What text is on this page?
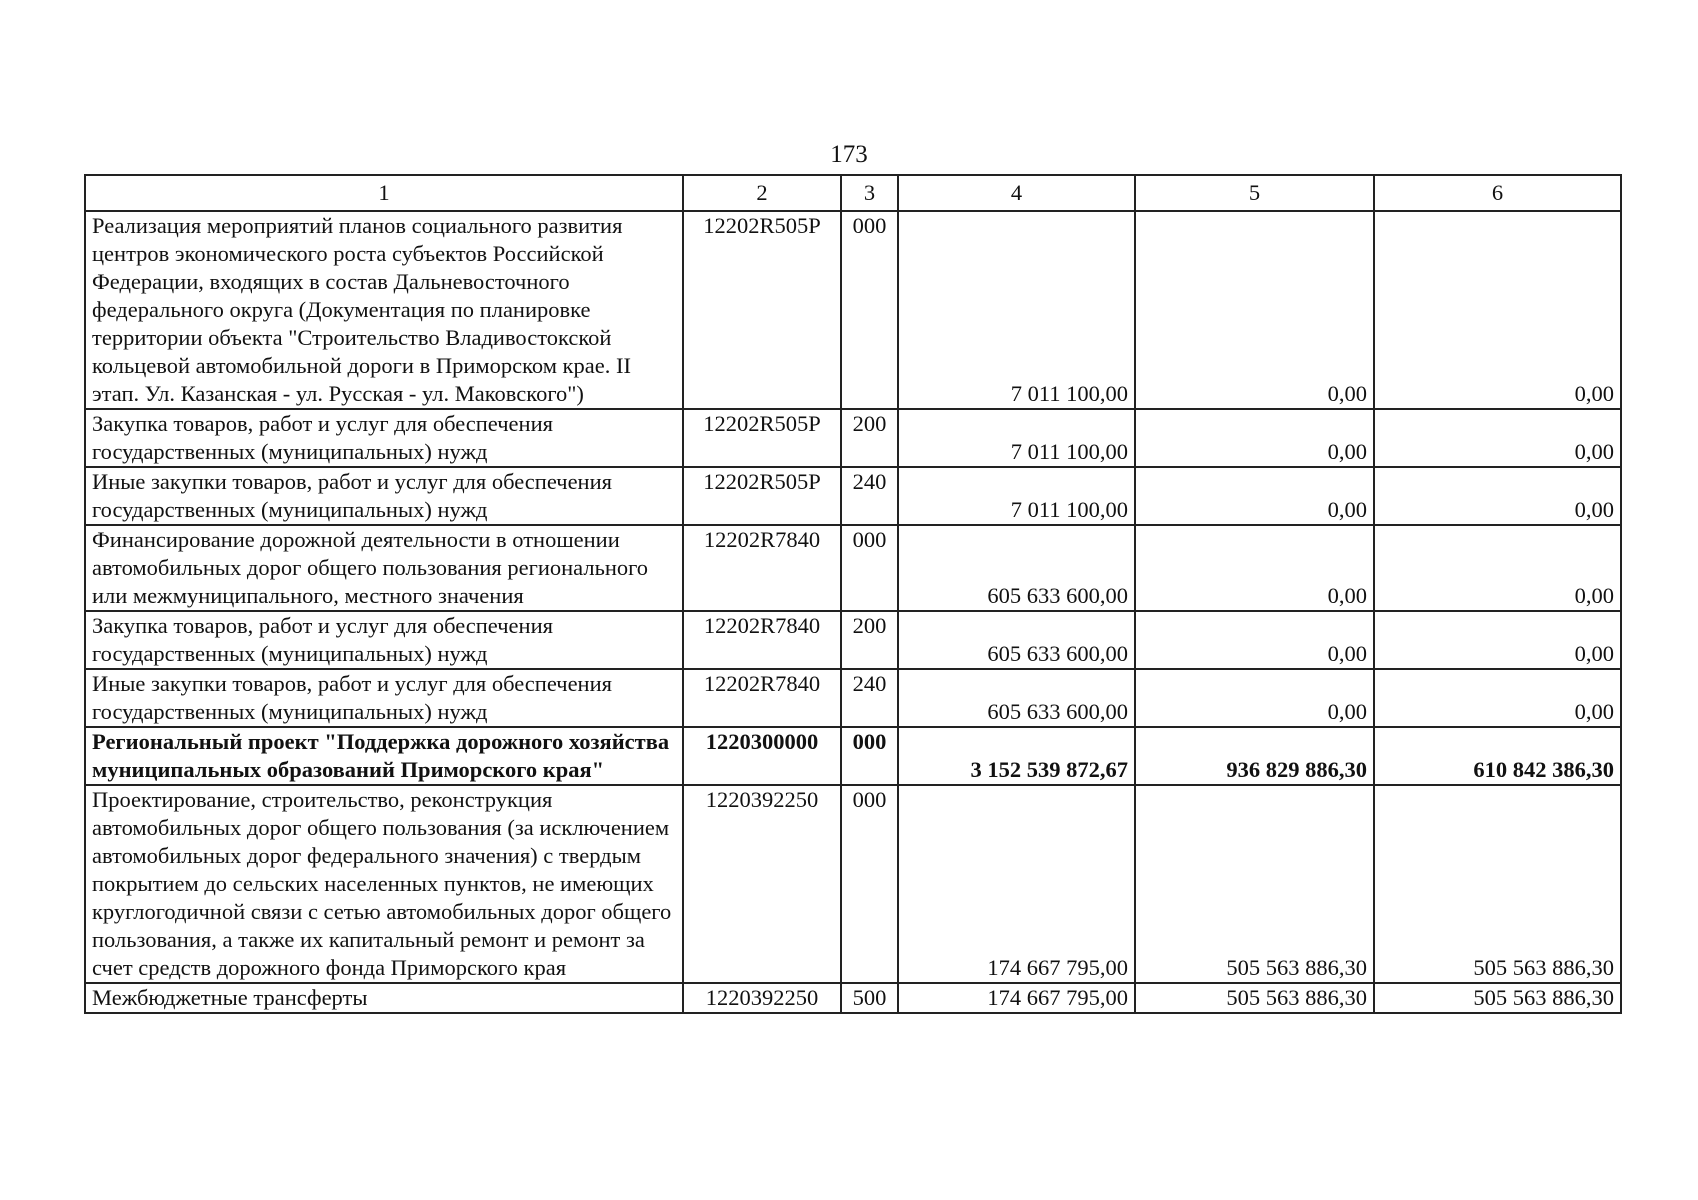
173
1	2	3	4	5	6
Реализация мероприятий планов социального развития центров экономического роста субъектов Российской Федерации, входящих в состав Дальневосточного федерального округа (Документация по планировке территории объекта "Строительство Владивостокской кольцевой автомобильной дороги в Приморском крае. II этап. Ул. Казанская - ул. Русская - ул. Маковского")	12202R505P	000	7 011 100,00	0,00	0,00
Закупка товаров, работ и услуг для обеспечения государственных (муниципальных) нужд	12202R505P	200	7 011 100,00	0,00	0,00
Иные закупки товаров, работ и услуг для обеспечения государственных (муниципальных) нужд	12202R505P	240	7 011 100,00	0,00	0,00
Финансирование дорожной деятельности в отношении автомобильных дорог общего пользования регионального или межмуниципального, местного значения	12202R7840	000	605 633 600,00	0,00	0,00
Закупка товаров, работ и услуг для обеспечения государственных (муниципальных) нужд	12202R7840	200	605 633 600,00	0,00	0,00
Иные закупки товаров, работ и услуг для обеспечения государственных (муниципальных) нужд	12202R7840	240	605 633 600,00	0,00	0,00
Региональный проект "Поддержка дорожного хозяйства муниципальных образований Приморского края"	1220300000	000	3 152 539 872,67	936 829 886,30	610 842 386,30
Проектирование, строительство, реконструкция автомобильных дорог общего пользования (за исключением автомобильных дорог федерального значения) с твердым покрытием до сельских населенных пунктов, не имеющих круглогодичной связи с сетью автомобильных дорог общего пользования, а также их капитальный ремонт и ремонт за счет средств дорожного фонда Приморского края	1220392250	000	174 667 795,00	505 563 886,30	505 563 886,30
Межбюджетные трансферты	1220392250	500	174 667 795,00	505 563 886,30	505 563 886,30
